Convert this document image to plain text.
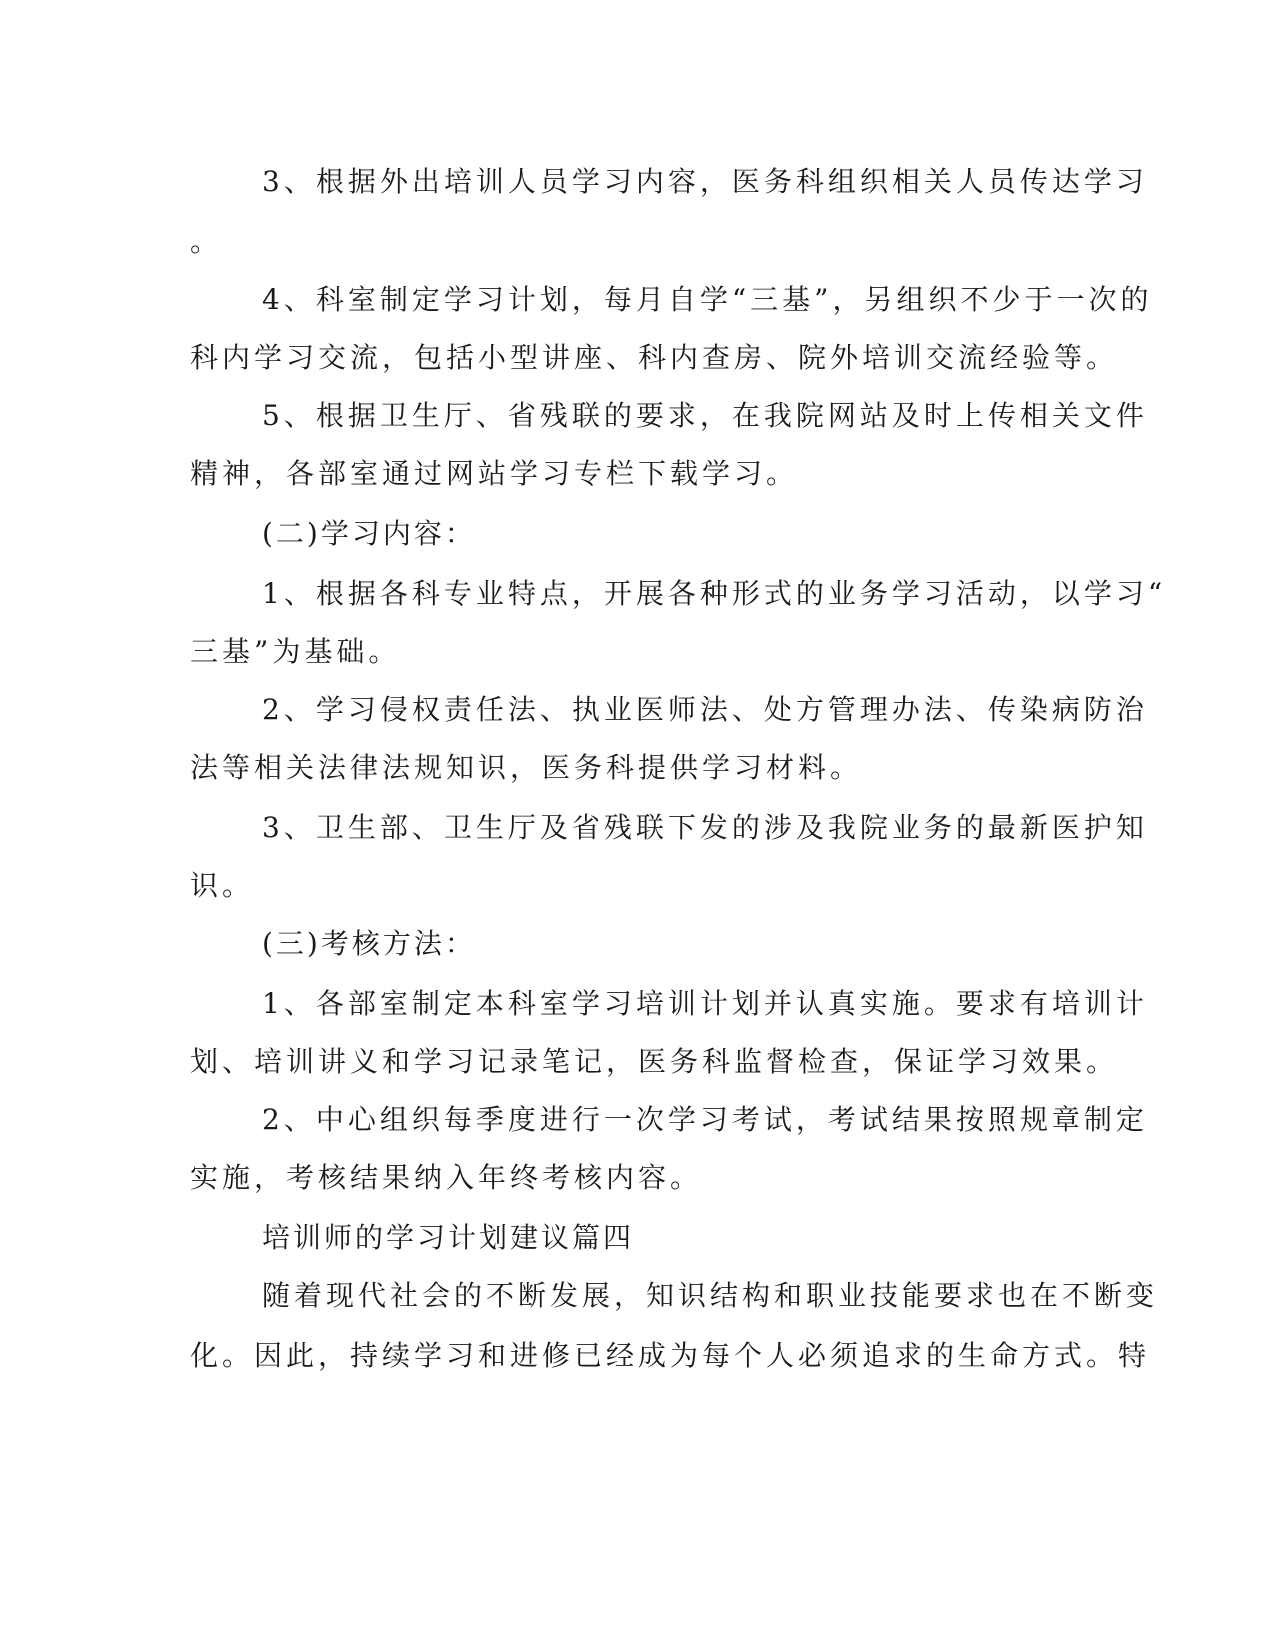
3、根据外出培训人员学习内容，医务科组织相关人员传达学习

。

4、科室制定学习计划，每月自学“三基”，另组织不少于一次的

科内学习交流，包括小型讲座、科内查房、院外培训交流经验等。

5、根据卫生厅、省残联的要求，在我院网站及时上传相关文件

精神，各部室通过网站学习专栏下载学习。

(二)学习内容：

1、根据各科专业特点，开展各种形式的业务学习活动，以学习“

三基”为基础。

2、学习侵权责任法、执业医师法、处方管理办法、传染病防治

法等相关法律法规知识，医务科提供学习材料。

3、卫生部、卫生厅及省残联下发的涉及我院业务的最新医护知

识。

(三)考核方法：

1、各部室制定本科室学习培训计划并认真实施。要求有培训计

划、培训讲义和学习记录笔记，医务科监督检查，保证学习效果。

2、中心组织每季度进行一次学习考试，考试结果按照规章制定

实施，考核结果纳入年终考核内容。

培训师的学习计划建议篇四

随着现代社会的不断发展，知识结构和职业技能要求也在不断变

化。因此，持续学习和进修已经成为每个人必须追求的生命方式。特
